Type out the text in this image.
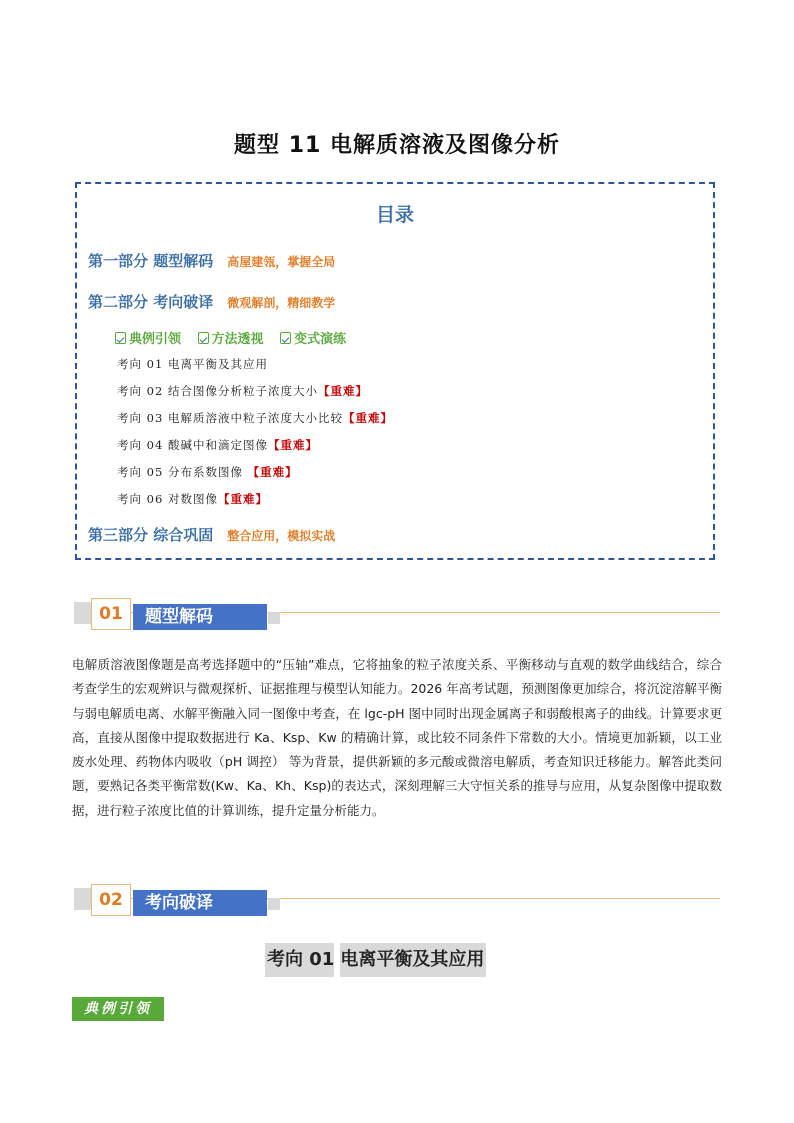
题型 11 电解质溶液及图像分析
目录
第一部分 题型解码 高屋建瓴，掌握全局
第二部分 考向破译 微观解剖，精细教学
典例引领
方法透视
变式演练
考向 01 电离平衡及其应用
考向 02 结合图像分析粒子浓度大小【重难】
考向 03 电解质溶液中粒子浓度大小比较【重难】
考向 04 酸碱中和滴定图像【重难】
考向 05 分布系数图像 【重难】
考向 06 对数图像【重难】
第三部分 综合巩固 整合应用，模拟实战
01	题型解码
电解质溶液图像题是高考选择题中的“压轴”难点，它将抽象的粒子浓度关系、平衡移动与直观的数学曲线结合，综合考查学生的宏观辨识与微观探析、证据推理与模型认知能力。2026 年高考试题，预测图像更加综合，将沉淀溶解平衡与弱电解质电离、水解平衡融入同一图像中考查，在 lgc-pH 图中同时出现金属离子和弱酸根离子的曲线。计算要求更高，直接从图像中提取数据进行 Ka、Ksp、Kw 的精确计算，或比较不同条件下常数的大小。情境更加新颖，以工业废水处理、药物体内吸收（pH 调控） 等为背景，提供新颖的多元酸或微溶电解质，考查知识迁移能力。解答此类问题，要熟记各类平衡常数(Kw、Ka、Kh、Ksp)的表达式，深刻理解三大守恒关系的推导与应用，从复杂图像中提取数据，进行粒子浓度比值的计算训练，提升定量分析能力。
02	考向破译
考向 01 电离平衡及其应用
典例引领
